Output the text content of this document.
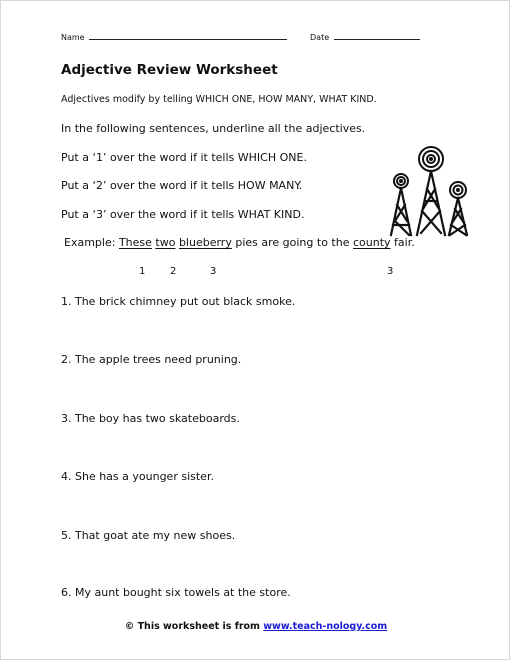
Name	Date
Adjective Review Worksheet
Adjectives modify by telling WHICH ONE, HOW MANY, WHAT KIND.
In the following sentences, underline all the adjectives.
Put a ‘1’ over the word if it tells WHICH ONE.
Put a ‘2’ over the word if it tells HOW MANY.
Put a ‘3’ over the word if it tells WHAT KIND.
Example: These two blueberry pies are going to the county fair.
1 2	3	3
1. The brick chimney put out black smoke.
2. The apple trees need pruning.
3. The boy has two skateboards.
4. She has a younger sister.
5. That goat ate my new shoes.
6. My aunt bought six towels at the store.
© This worksheet is from www.teach-nology.com
